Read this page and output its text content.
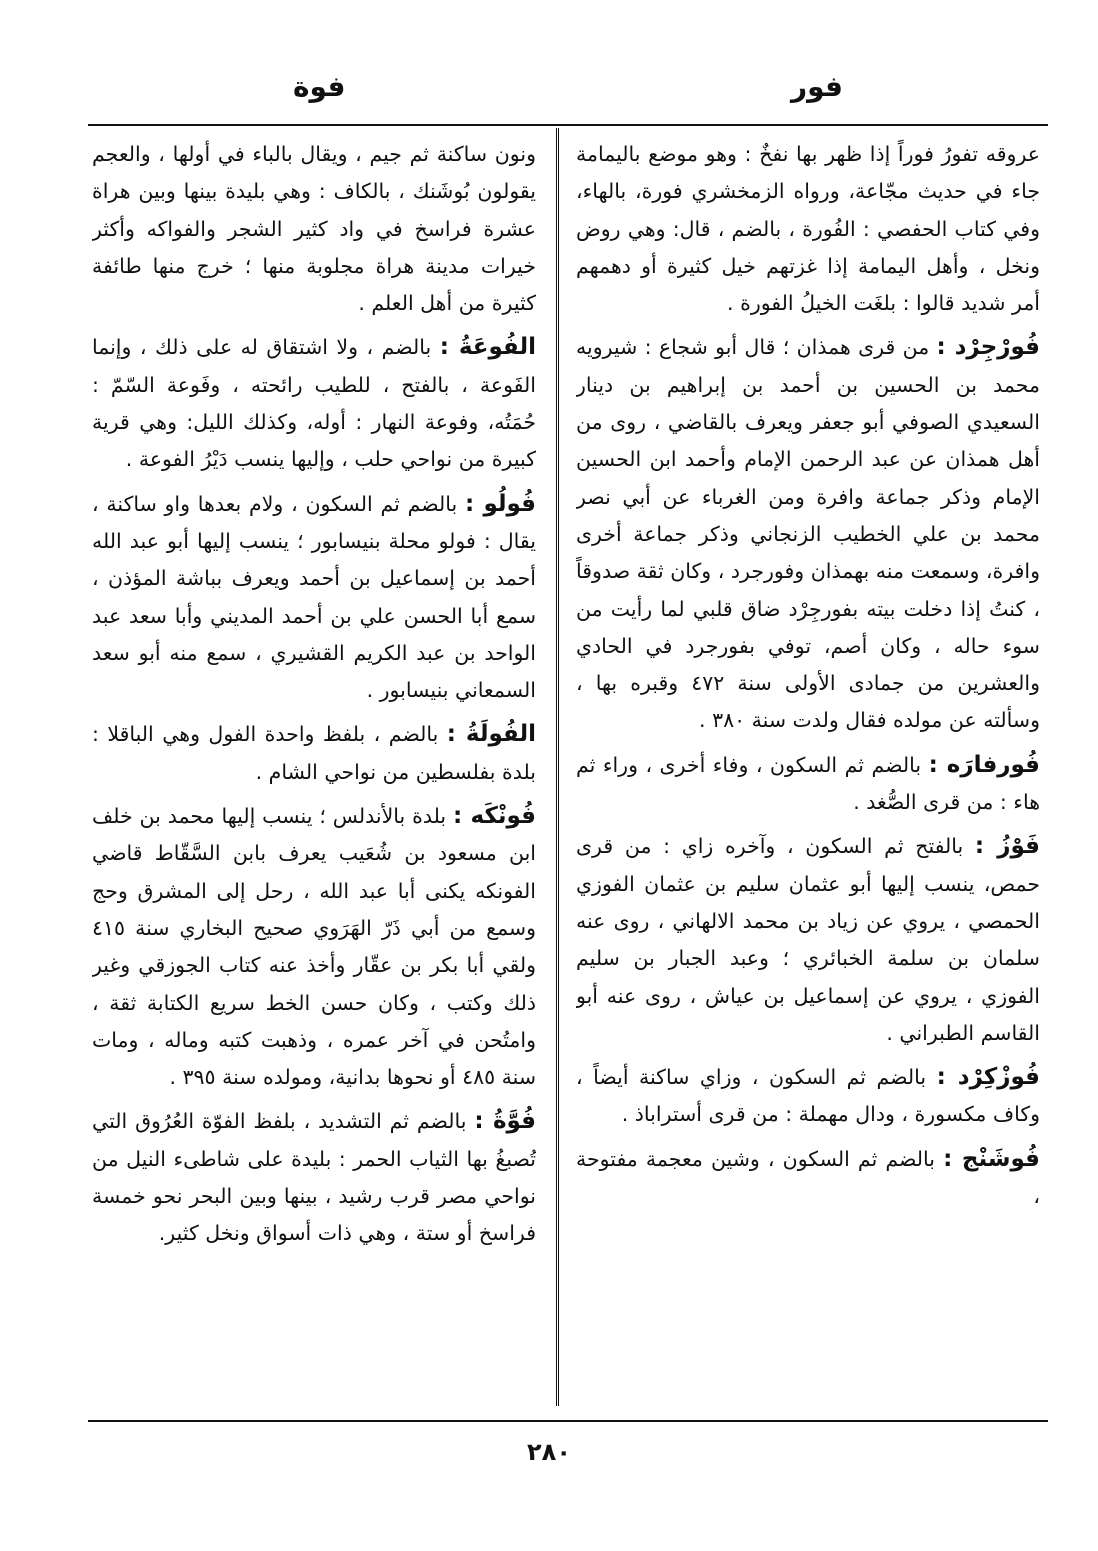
فور
فوة

عروقه تفورُ فوراً إذا ظهر بها نفخٌ : وهو موضع باليمامة جاء في حديث مجّاعة، ورواه الزمخشري فورة، بالهاء، وفي كتاب الحفصي : الفُورة ، بالضم ، قال: وهي روض ونخل ، وأهل اليمامة إذا غزتهم خيل كثيرة أو دهمهم أمر شديد قالوا : بلغَت الخيلُ الفورة .

فُورْجِرْد : من قرى همذان ؛ قال أبو شجاع : شيرويه محمد بن الحسين بن أحمد بن إبراهيم بن دينار السعيدي الصوفي أبو جعفر ويعرف بالقاضي ، روى من أهل همذان عن عبد الرحمن الإمام وأحمد ابن الحسين الإمام وذكر جماعة وافرة ومن الغرباء عن أبي نصر محمد بن علي الخطيب الزنجاني وذكر جماعة أخرى وافرة، وسمعت منه بهمذان وفورجرد ، وكان ثقة صدوقاً ، كنتُ إذا دخلت بيته بفورجِرْد ضاق قلبي لما رأيت من سوء حاله ، وكان أصم، توفي بفورجرد في الحادي والعشرين من جمادى الأولى سنة ٤٧٢ وقبره بها ، وسألته عن مولده فقال ولدت سنة ٣٨٠ .

فُورفارَه : بالضم ثم السكون ، وفاء أخرى ، وراء ثم هاء : من قرى الصُّغد .

فَوْزُ : بالفتح ثم السكون ، وآخره زاي : من قرى حمص، ينسب إليها أبو عثمان سليم بن عثمان الفوزي الحمصي ، يروي عن زياد بن محمد الالهاني ، روى عنه سلمان بن سلمة الخبائري ؛ وعبد الجبار بن سليم الفوزي ، يروي عن إسماعيل بن عياش ، روى عنه أبو القاسم الطبراني .

فُوزْكِرْد : بالضم ثم السكون ، وزاي ساكنة أيضاً ، وكاف مكسورة ، ودال مهملة : من قرى أستراباذ .

فُوشَنْج : بالضم ثم السكون ، وشين معجمة مفتوحة ،

ونون ساكنة ثم جيم ، ويقال بالباء في أولها ، والعجم يقولون بُوشَنك ، بالكاف : وهي بليدة بينها وبين هراة عشرة فراسخ في واد كثير الشجر والفواكه وأكثر خيرات مدينة هراة مجلوبة منها ؛ خرج منها طائفة كثيرة من أهل العلم .

الفُوعَةُ : بالضم ، ولا اشتقاق له على ذلك ، وإنما الفَوعة ، بالفتح ، للطيب رائحته ، وفَوعة السّمّ : حُمَتُه، وفوعة النهار : أوله، وكذلك الليل: وهي قرية كبيرة من نواحي حلب ، وإليها ينسب دَيْرُ الفوعة .

فُولُو : بالضم ثم السكون ، ولام بعدها واو ساكنة ، يقال : فولو محلة بنيسابور ؛ ينسب إليها أبو عبد الله أحمد بن إسماعيل بن أحمد ويعرف بباشة المؤذن ، سمع أبا الحسن علي بن أحمد المديني وأبا سعد عبد الواحد بن عبد الكريم القشيري ، سمع منه أبو سعد السمعاني بنيسابور .

الفُولَةُ : بالضم ، بلفظ واحدة الفول وهي الباقلا : بلدة بفلسطين من نواحي الشام .

فُونْكَه : بلدة بالأندلس ؛ ينسب إليها محمد بن خلف ابن مسعود بن شُعَيب يعرف بابن السَّقّاط قاضي الفونكه يكنى أبا عبد الله ، رحل إلى المشرق وحج وسمع من أبي ذَرّ الهَرَوي صحيح البخاري سنة ٤١٥ ولقي أبا بكر بن عقّار وأخذ عنه كتاب الجوزقي وغير ذلك وكتب ، وكان حسن الخط سريع الكتابة ثقة ، وامتُحن في آخر عمره ، وذهبت كتبه وماله ، ومات سنة ٤٨٥ أو نحوها بدانية، ومولده سنة ٣٩٥ .

فُوَّةُ : بالضم ثم التشديد ، بلفظ الفوّة العُرُوق التي تُصبغُ بها الثياب الحمر : بليدة على شاطىء النيل من نواحي مصر قرب رشيد ، بينها وبين البحر نحو خمسة فراسخ أو ستة ، وهي ذات أسواق ونخل كثير.

٢٨٠
